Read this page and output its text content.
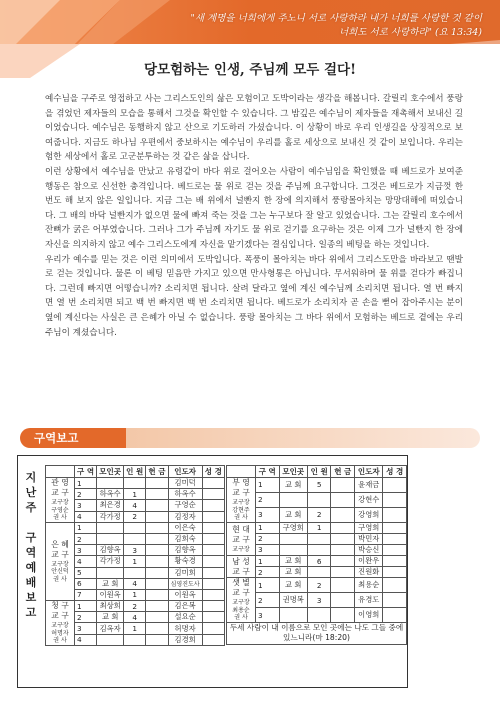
"새 계명을 너희에게 주노니 서로 사랑하라 내가 너희를 사랑한 것 같이 너희도 서로 사랑하라" (요 13:34)
당모험하는 인생, 주님께 모두 걸다!

예수님을 구주로 영접하고 사는 그리스도인의 삶은 모험이고 도박이라는 생각을 해봅니다. 갈릴리 호수에서 풍랑을 겪었던 제자들의 모습을 통해서 그것을 확인할 수 있습니다. 그 밤깊은 예수님이 제자들을 재촉해서 보내신 길이었습니다. 예수님은 동행하지 않고 산으로 기도하러 가셨습니다. 이 상황이 바로 우리 인생길을 상징적으로 보여줍니다. 지금도 하나님 우편에서 중보하시는 예수님이 우리를 홀로 세상으로 보내신 것 같이 보입니다. 우리는 험한 세상에서 홀로 고군분투하는 것 같은 삶을 삽니다.

이런 상황에서 예수님을 만났고 유령같이 바다 위로 걸어오는 사람이 예수님임을 확인했을 때 베드로가 보여준 행동은 참으로 신선한 충격입니다. 베드로는 물 위로 걷는 것을 주님께 요구합니다. 그것은 베드로가 지금껏 한 번도 해 보지 않은 일입니다. 지금 그는 배 위에서 널빤지 한 장에 의지해서 풍랑몰아치는 망망대해에 떠있습니다. 그 배의 바닥 널빤지가 없으면 물에 빠져 죽는 것을 그는 누구보다 잘 알고 있었습니다. 그는 갈릴리 호수에서 잔뼈가 굵은 어부였습니다. 그러나 그가 주님께 자기도 물 위로 걷기를 요구하는 것은 이제 그가 널빤지 한 장에 자신을 의지하지 않고 예수 그리스도에게 자신을 맡기겠다는 결심입니다. 일종의 베팅을 하는 것입니다.

우리가 예수를 믿는 것은 이런 의미에서 도박입니다. 폭풍이 몰아치는 바다 위에서 그리스도만을 바라보고 땐발로 걷는 것입니다. 물론 이 베팅 믿음만 가지고 있으면 만사형통은 아닙니다. 무서워하며 물 위를 걷다가 빠집니다. 그런데 빠지면 어떻습니까? 소리치면 됩니다. 살려 달라고 옆에 계신 예수님께 소리치면 됩니다. 열 번 빠지면 열 번 소리치면 되고 백 번 빠지면 백 번 소리치면 됩니다. 베드로가 소리치자 곧 손을 뻗어 잡아주시는 분이 옆에 계신다는 사실은 큰 은혜가 아닐 수 없습니다. 풍랑 몰아치는 그 바다 위에서 모험하는 베드로 곁에는 우리 주님이 계셨습니다.

구역보고
지
난
주

구
역
예
배
보
고
	구 역	모인곳	인 원	헌 금	인도자	성 경

관 영 교 구
교구장 구영순 권 사	1				김미덕	
	2	하옥수	1		하옥수	
	3	최은경	4		구영순	
	4	각가정	2		김정자	

은 혜 교 구
교구장 안신덕 권 사	1				이은숙	
	2				김희숙	
	3	김향옥	3		김향옥	
	4	각가정	1		황숙경	
	5				김미희	
	6	교 회	4		심영진도사	
	7	이원옥	1		이원옥	

청 구 교 구
교구장 허명자 권 사	1	최상희	2		김은복	
	2	교 회	4		설요순	
	3	김옥자	1		허명자	
	4				김경희	
	구 역	모인곳	인 원	헌 금	인도자	성 경

부 영 교 구
교구장 강현주 권 사	1	교 회	5		윤재금	
	2				강현수	
	3	교 회	2		강영희	

현 대 교 구
교구장	1	구영희	1		구영희	
	2				박민자	
	3				박승신	

남 성 교 구	1	교 회	6		이완우	
	2	교 회			진원화	

샛 별 교 구
교구장 최용순 권 사	1	교 회	2		최용순	
	2	권명복	3		유경도	
	3				이영희	
두세 사람이 내 이름으로 모인 곳에는 나도 그들 중에 있느니라(마 18:20)						
